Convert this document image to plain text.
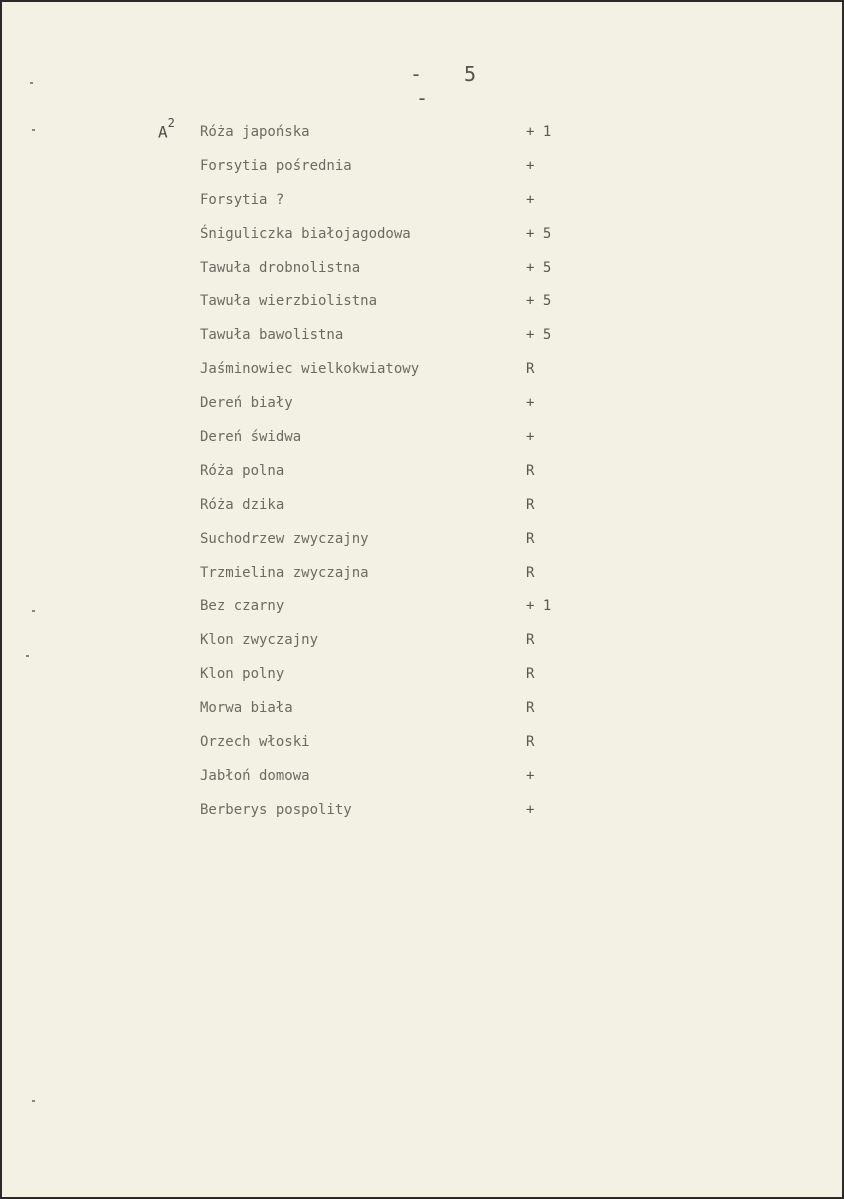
- 5-
$A^2$
Róża japońska	+ 1
Forsytia pośrednia	+
Forsytia ?	+
Śniguliczka białojagodowa	+ 5
Tawuła drobnolistna	+ 5
Tawuła wierzbiolistna	+ 5
Tawuła bawolistna	+ 5
Jaśminowiec wielkokwiatowy	R
Dereń biały	+
Dereń świdwa	+
Róża polna	R
Róża dzika	R
Suchodrzew zwyczajny	R
Trzmielina zwyczajna	R
Bez czarny	+ 1
Klon zwyczajny	R
Klon polny	R
Morwa biała	R
Orzech włoski	R
Jabłoń domowa	+
Berberys pospolity	+
